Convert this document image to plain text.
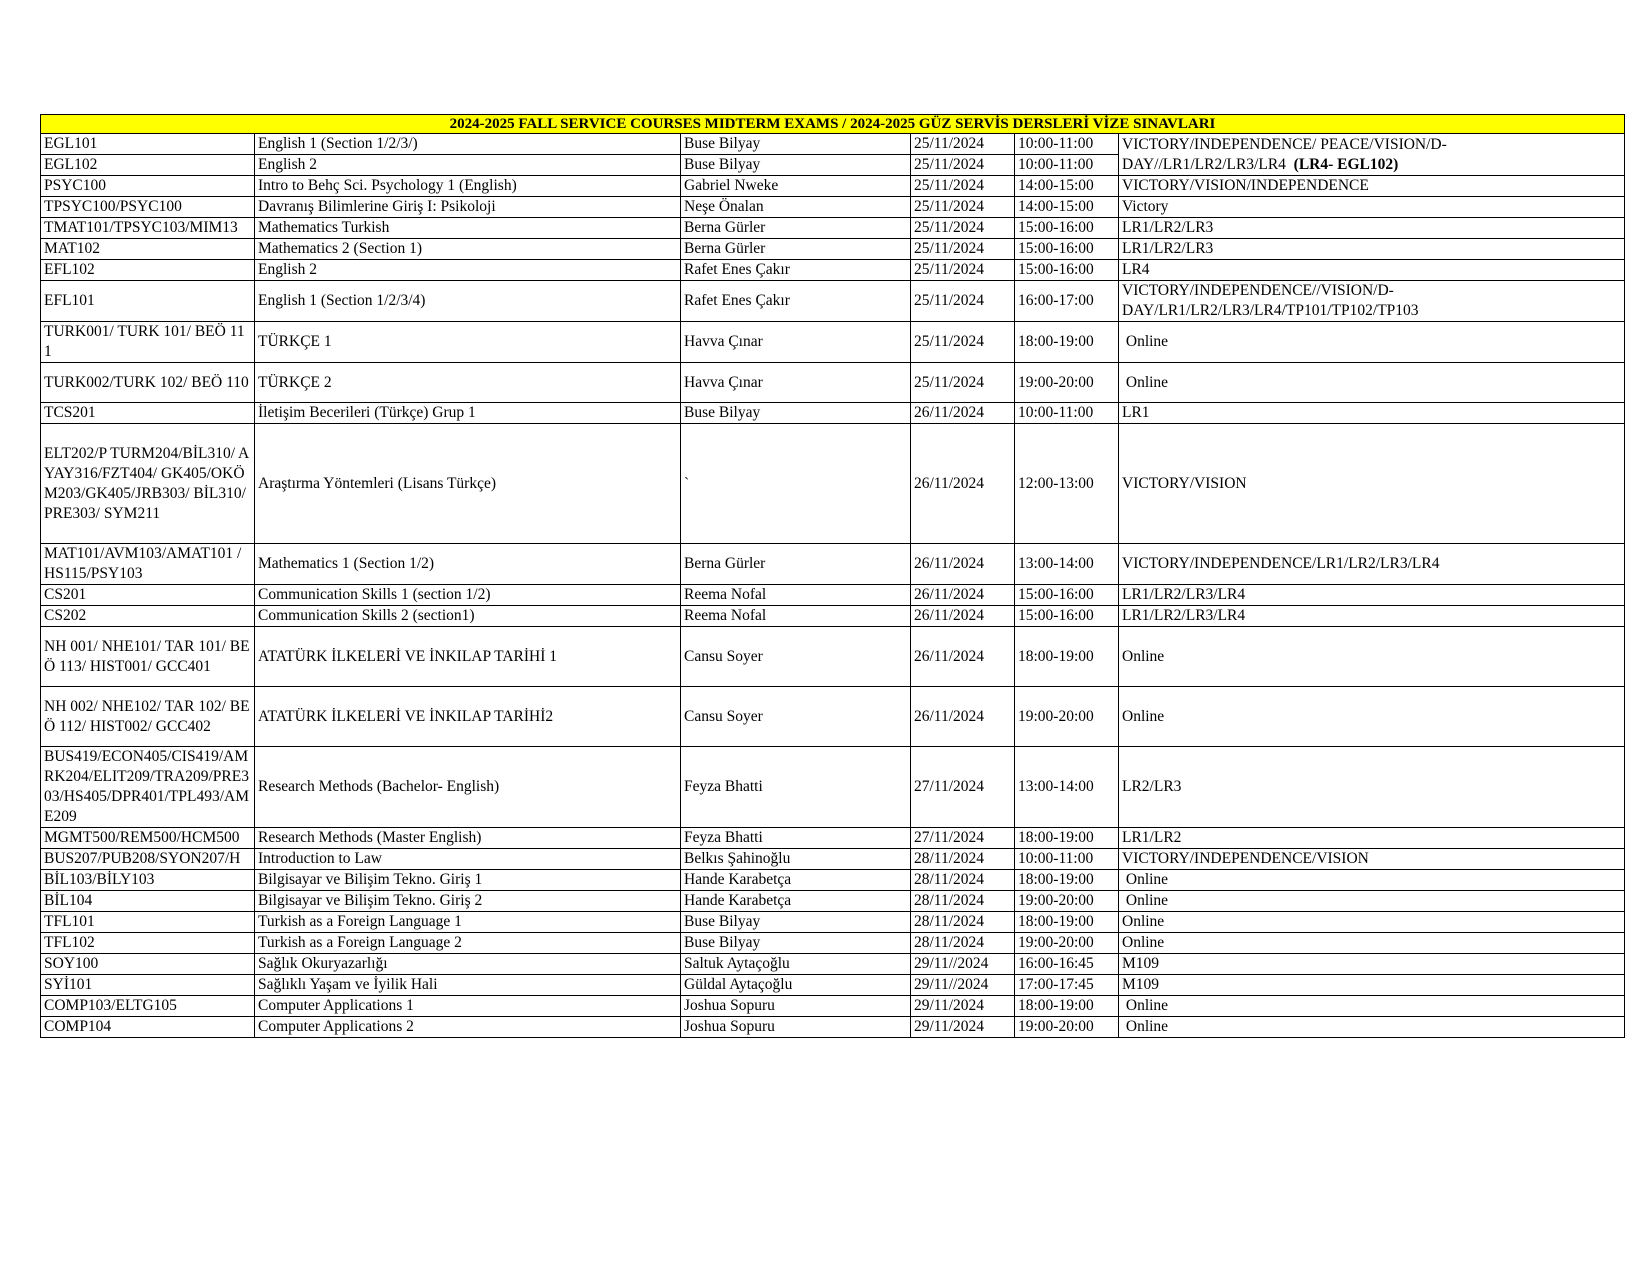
2024-2025 FALL SERVICE COURSES MIDTERM EXAMS / 2024-2025 GÜZ SERVİS DERSLERİ VİZE SINAVLARI					
EGL101	English 1 (Section 1/2/3/)	Buse Bilyay	25/11/2024	10:00-11:00	VICTORY/INDEPENDENCE/ PEACE/VISION/D-DAY//LR1/LR2/LR3/LR4 (LR4- EGL102)
EGL102	English 2	Buse Bilyay	25/11/2024	10:00-11:00	
PSYC100	Intro to Behç Sci. Psychology 1 (English)	Gabriel Nweke	25/11/2024	14:00-15:00	VICTORY/VISION/INDEPENDENCE
TPSYC100/PSYC100	Davranış Bilimlerine Giriş I: Psikoloji	Neşe Önalan	25/11/2024	14:00-15:00	Victory
TMAT101/TPSYC103/MIM13	Mathematics Turkish	Berna Gürler	25/11/2024	15:00-16:00	LR1/LR2/LR3
MAT102	Mathematics 2 (Section 1)	Berna Gürler	25/11/2024	15:00-16:00	LR1/LR2/LR3
EFL102	English 2	Rafet Enes Çakır	25/11/2024	15:00-16:00	LR4
EFL101	English 1 (Section 1/2/3/4)	Rafet Enes Çakır	25/11/2024	16:00-17:00	VICTORY/INDEPENDENCE//VISION/D-DAY/LR1/LR2/LR3/LR4/TP101/TP102/TP103
TURK001/ TURK 101/ BEÖ 111	TÜRKÇE 1	Havva Çınar	25/11/2024	18:00-19:00	Online
TURK002/TURK 102/ BEÖ 110	TÜRKÇE 2	Havva Çınar	25/11/2024	19:00-20:00	Online
TCS201	İletişim Becerileri (Türkçe) Grup 1	Buse Bilyay	26/11/2024	10:00-11:00	LR1
ELT202/P TURM204/BİL310/ AYAY316/FZT404/ GK405/OKÖM203/GK405/JRB303/ BİL310/PRE303/ SYM211	Araştırma Yöntemleri (Lisans Türkçe)	`	26/11/2024	12:00-13:00	VICTORY/VISION
MAT101/AVM103/AMAT101 /HS115/PSY103	Mathematics 1 (Section 1/2)	Berna Gürler	26/11/2024	13:00-14:00	VICTORY/INDEPENDENCE/LR1/LR2/LR3/LR4
CS201	Communication Skills 1 (section 1/2)	Reema Nofal	26/11/2024	15:00-16:00	LR1/LR2/LR3/LR4
CS202	Communication Skills 2 (section1)	Reema Nofal	26/11/2024	15:00-16:00	LR1/LR2/LR3/LR4
NH 001/ NHE101/ TAR 101/ BEÖ 113/ HIST001/ GCC401	ATATÜRK İLKELERİ VE İNKILAP TARİHİ 1	Cansu Soyer	26/11/2024	18:00-19:00	Online
NH 002/ NHE102/ TAR 102/ BEÖ 112/ HIST002/ GCC402	ATATÜRK İLKELERİ VE İNKILAP TARİHİ2	Cansu Soyer	26/11/2024	19:00-20:00	Online
BUS419/ECON405/CIS419/AMRK204/ELIT209/TRA209/PRE303/HS405/DPR401/TPL493/AME209	Research Methods (Bachelor- English)	Feyza Bhatti	27/11/2024	13:00-14:00	LR2/LR3
MGMT500/REM500/HCM500	Research Methods (Master English)	Feyza Bhatti	27/11/2024	18:00-19:00	LR1/LR2
BUS207/PUB208/SYON207/H	Introduction to Law	Belkıs Şahinoğlu	28/11/2024	10:00-11:00	VICTORY/INDEPENDENCE/VISION
BİL103/BİLY103	Bilgisayar ve Bilişim Tekno. Giriş 1	Hande Karabetça	28/11/2024	18:00-19:00	Online
BİL104	Bilgisayar ve Bilişim Tekno. Giriş 2	Hande Karabetça	28/11/2024	19:00-20:00	Online
TFL101	Turkish as a Foreign Language 1	Buse Bilyay	28/11/2024	18:00-19:00	Online
TFL102	Turkish as a Foreign Language 2	Buse Bilyay	28/11/2024	19:00-20:00	Online
SOY100	Sağlık Okuryazarlığı	Saltuk Aytaçoğlu	29/11//2024	16:00-16:45	M109
SYİ101	Sağlıklı Yaşam ve İyilik Hali	Güldal Aytaçoğlu	29/11//2024	17:00-17:45	M109
COMP103/ELTG105	Computer Applications 1	Joshua Sopuru	29/11/2024	18:00-19:00	Online
COMP104	Computer Applications 2	Joshua Sopuru	29/11/2024	19:00-20:00	Online
